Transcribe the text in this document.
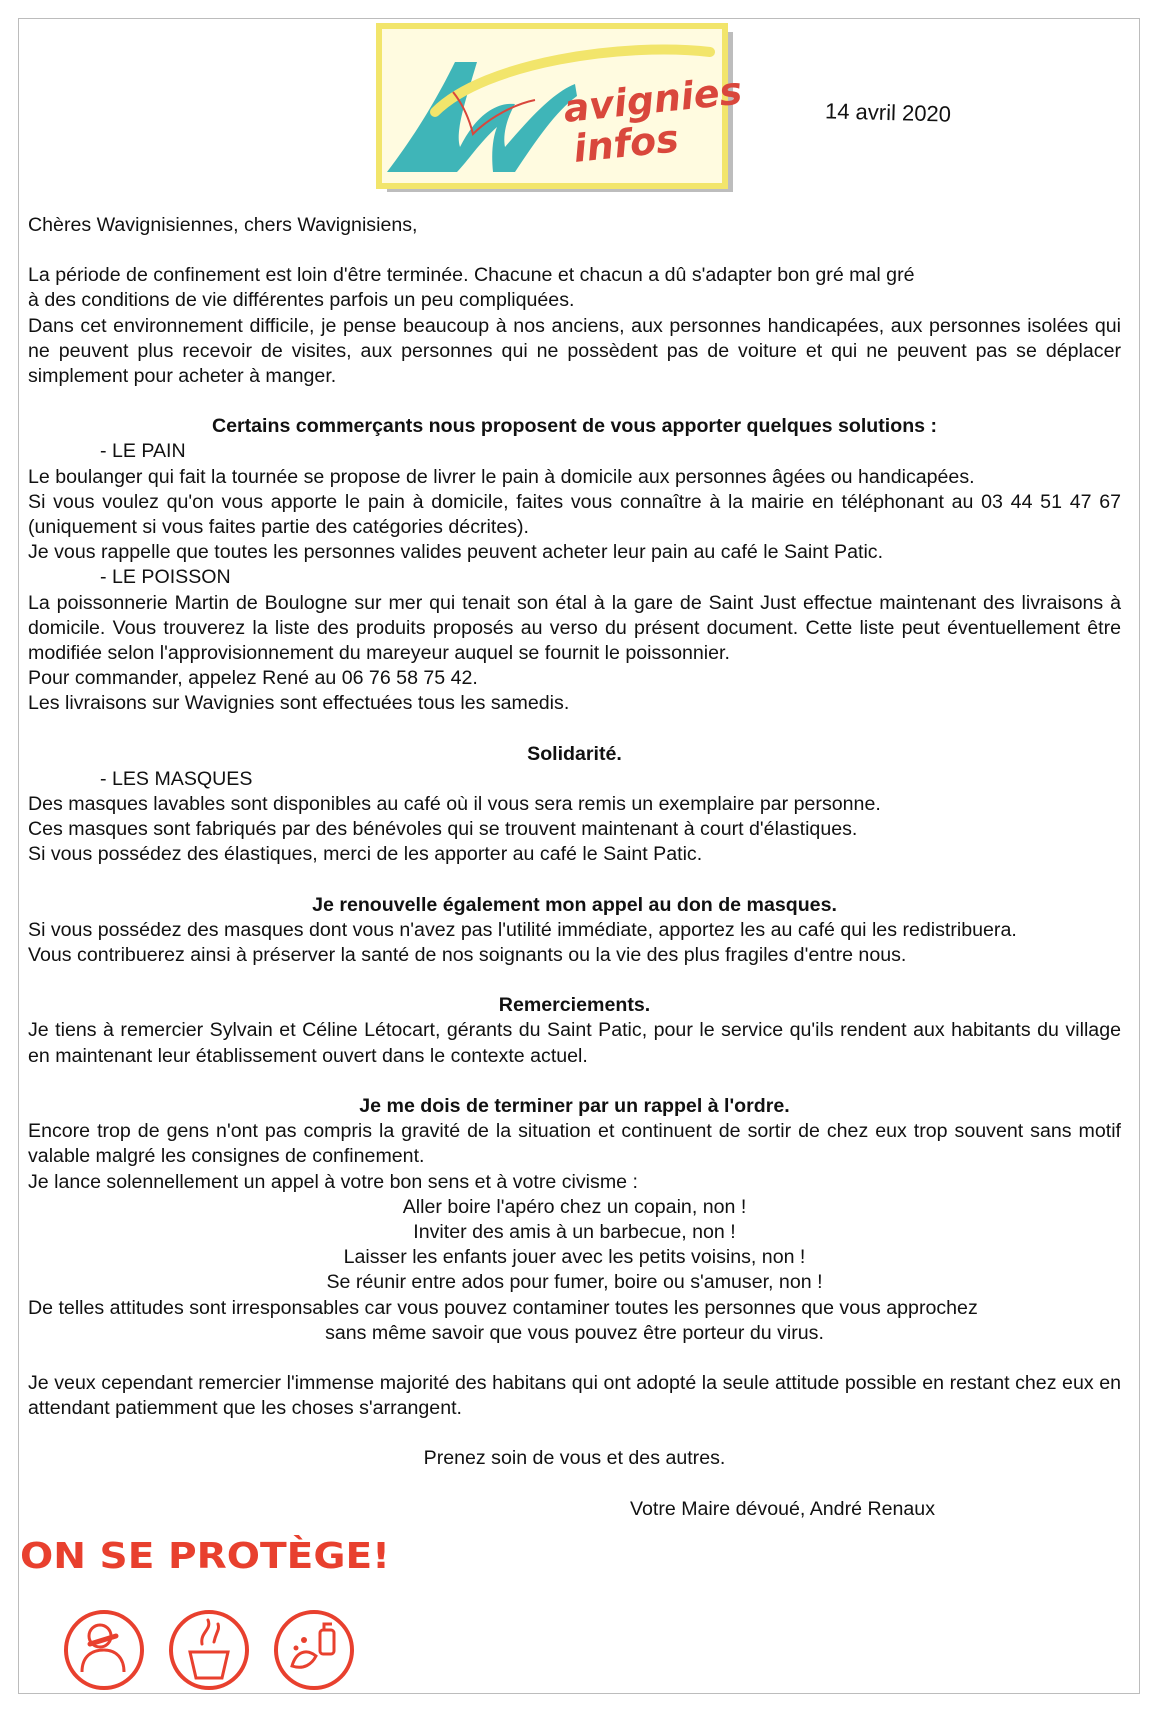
avignies
infos
14 avril 2020

Chères Wavignisiennes, chers Wavignisiens,

La période de confinement est loin d'être terminée. Chacune et chacun a dû s'adapter bon gré mal gré

à des conditions de vie différentes parfois un peu compliquées.

Dans cet environnement difficile, je pense beaucoup à nos anciens, aux personnes handicapées, aux personnes isolées qui ne peuvent plus recevoir de visites, aux personnes qui ne possèdent pas de voiture et qui ne peuvent pas se déplacer simplement pour acheter à manger.

Certains commerçants nous proposent de vous apporter quelques solutions :

- LE PAIN

Le boulanger qui fait la tournée se propose de livrer le pain à domicile aux personnes âgées ou handicapées.

Si vous voulez qu'on vous apporte le pain à domicile, faites vous connaître à la mairie en téléphonant au 03 44 51 47 67 (uniquement si vous faites partie des catégories décrites).

Je vous rappelle que toutes les personnes valides peuvent acheter leur pain au café le Saint Patic.

- LE POISSON

La poissonnerie Martin de Boulogne sur mer qui tenait son étal à la gare de Saint Just effectue maintenant des livraisons à domicile. Vous trouverez la liste des produits proposés au verso du présent document. Cette liste peut éventuellement être modifiée selon l'approvisionnement du mareyeur auquel se fournit le poissonnier.

Pour commander, appelez René au 06 76 58 75 42.

Les livraisons sur Wavignies sont effectuées tous les samedis.

Solidarité.

- LES MASQUES

Des masques lavables sont disponibles au café où il vous sera remis un exemplaire par personne.

Ces masques sont fabriqués par des bénévoles qui se trouvent maintenant à court d'élastiques.

Si vous possédez des élastiques, merci de les apporter au café le Saint Patic.

Je renouvelle également mon appel au don de masques.

Si vous possédez des masques dont vous n'avez pas l'utilité immédiate, apportez les au café qui les redistribuera.

Vous contribuerez ainsi à préserver la santé de nos soignants ou la vie des plus fragiles d'entre nous.

Remerciements.

Je tiens à remercier Sylvain et Céline Létocart, gérants du Saint Patic, pour le service qu'ils rendent aux habitants du village en maintenant leur établissement ouvert dans le contexte actuel.

Je me dois de terminer par un rappel à l'ordre.

Encore trop de gens n'ont pas compris la gravité de la situation et continuent de sortir de chez eux trop souvent sans motif valable malgré les consignes de confinement.

Je lance solennellement un appel à votre bon sens et à votre civisme :

Aller boire l'apéro chez un copain, non !

Inviter des amis à un barbecue, non !

Laisser les enfants jouer avec les petits voisins, non !

Se réunir entre ados pour fumer, boire ou s'amuser, non !

De telles attitudes sont irresponsables car vous pouvez contaminer toutes les personnes que vous approchez

sans même savoir que vous pouvez être porteur du virus.

Je veux cependant remercier l'immense majorité des habitans qui ont adopté la seule attitude possible en restant chez eux en attendant patiemment que les choses s'arrangent.

Prenez soin de vous et des autres.

Votre Maire dévoué, André Renaux

ON SE PROTÈGE!
